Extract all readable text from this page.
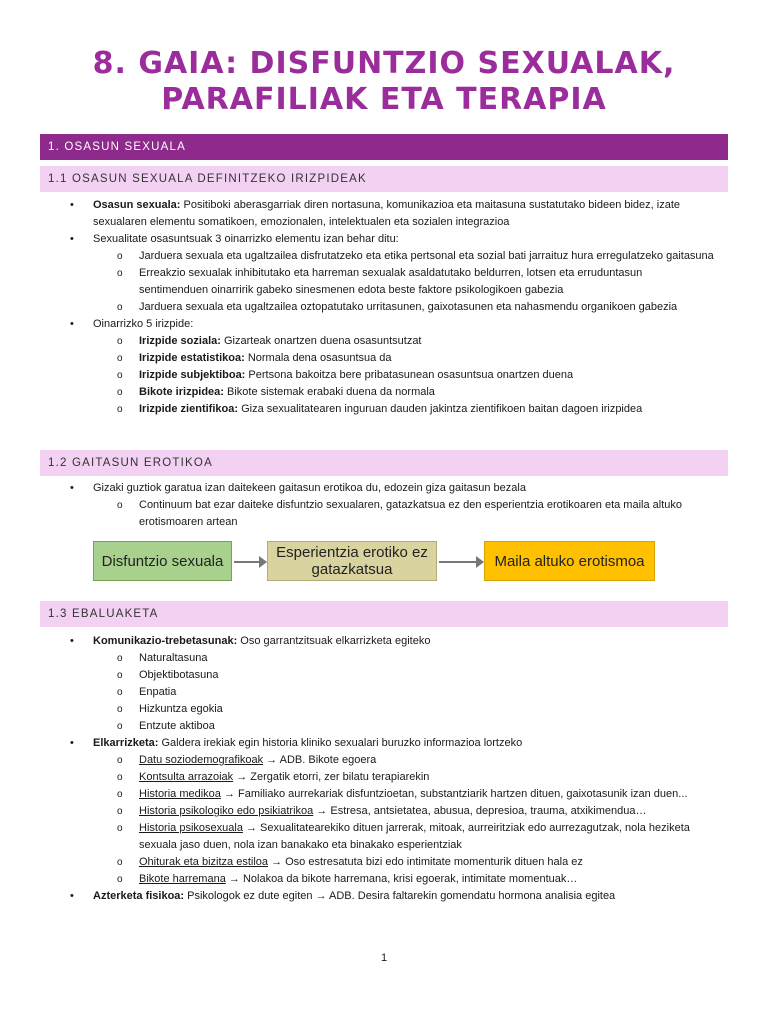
8. GAIA: DISFUNTZIO SEXUALAK,
PARAFILIAK ETA TERAPIA
1. OSASUN SEXUALA
1.1 OSASUN SEXUALA DEFINITZEKO IRIZPIDEAK
• Osasun sexuala: Positiboki aberasgarriak diren nortasuna, komunikazioa eta maitasuna sustatutako bideen bidez, izate sexualaren elementu somatikoen, emozionalen, intelektualen eta sozialen integrazioa
• Sexualitate osasuntsuak 3 oinarrizko elementu izan behar ditu:
o Jarduera sexuala eta ugaltzailea disfrutatzeko eta etika pertsonal eta sozial bati jarraituz hura erregulatzeko gaitasuna
o Erreakzio sexualak inhibitutako eta harreman sexualak asaldatutako beldurren, lotsen eta erruduntasun sentimenduen oinarririk gabeko sinesmenen edota beste faktore psikologikoen gabezia
o Jarduera sexuala eta ugaltzailea oztopatutako urritasunen, gaixotasunen eta nahasmendu organikoen gabezia
• Oinarrizko 5 irizpide:
o Irizpide soziala: Gizarteak onartzen duena osasuntsutzat
o Irizpide estatistikoa: Normala dena osasuntsua da
o Irizpide subjektiboa: Pertsona bakoitza bere pribatasunean osasuntsua onartzen duena
o Bikote irizpidea: Bikote sistemak erabaki duena da normala
o Irizpide zientifikoa: Giza sexualitatearen inguruan dauden jakintza zientifikoen baitan dagoen irizpidea
1.2 GAITASUN EROTIKOA
• Gizaki guztiok garatua izan daitekeen gaitasun erotikoa du, edozein giza gaitasun bezala
o Continuum bat ezar daiteke disfuntzio sexualaren, gatazkatsua ez den esperientzia erotikoaren eta maila altuko erotismoaren artean
Disfuntzio sexuala	Esperientzia erotiko ez gatazkatsua	Maila altuko erotismoa
1.3 EBALUAKETA
• Komunikazio-trebetasunak: Oso garrantzitsuak elkarrizketa egiteko
o Naturaltasuna
o Objektibotasuna
o Enpatia
o Hizkuntza egokia
o Entzute aktiboa
• Elkarrizketa: Galdera irekiak egin historia kliniko sexualari buruzko informazioa lortzeko
o Datu soziodemografikoak → ADB. Bikote egoera
o Kontsulta arrazoiak → Zergatik etorri, zer bilatu terapiarekin
o Historia medikoa → Familiako aurrekariak disfuntzioetan, substantziarik hartzen dituen, gaixotasunik izan duen...
o Historia psikologiko edo psikiatrikoa → Estresa, antsietatea, abusua, depresioa, trauma, atxikimendua…
o Historia psikosexuala → Sexualitatearekiko dituen jarrerak, mitoak, aurreiritziak edo aurrezagutzak, nola heziketa sexuala jaso duen, nola izan banakako eta binakako esperientziak
o Ohiturak eta bizitza estiloa → Oso estresatuta bizi edo intimitate momenturik dituen hala ez
o Bikote harremana → Nolakoa da bikote harremana, krisi egoerak, intimitate momentuak…
• Azterketa fisikoa: Psikologok ez dute egiten → ADB. Desira faltarekin gomendatu hormona analisia egitea
1
